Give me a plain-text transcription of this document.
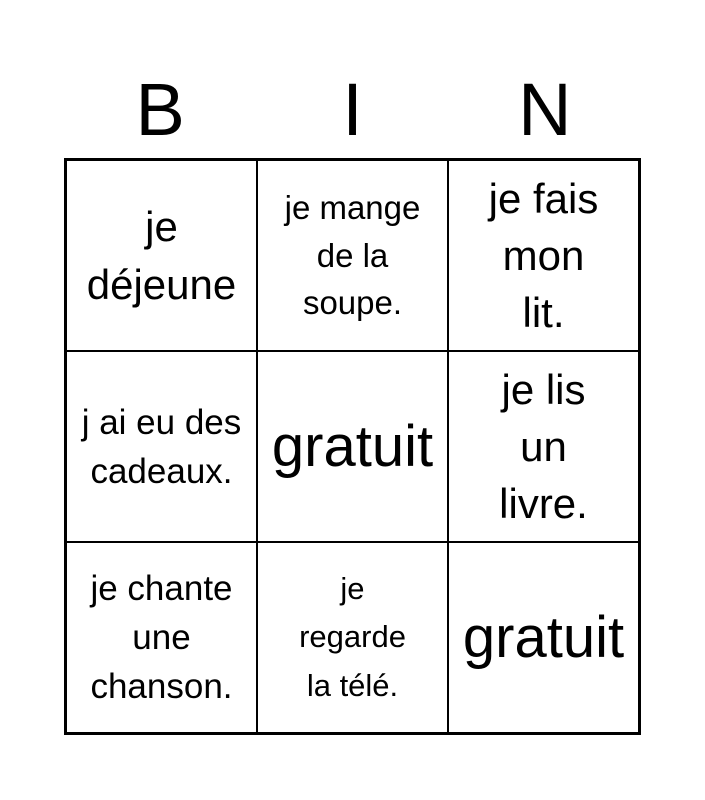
B	I	N
je déjeune
je mange de la soupe.
je fais mon lit.
j ai eu des cadeaux. gratuit
je lis un livre.
je chante une chanson.
je regarde la télé.
gratuit
